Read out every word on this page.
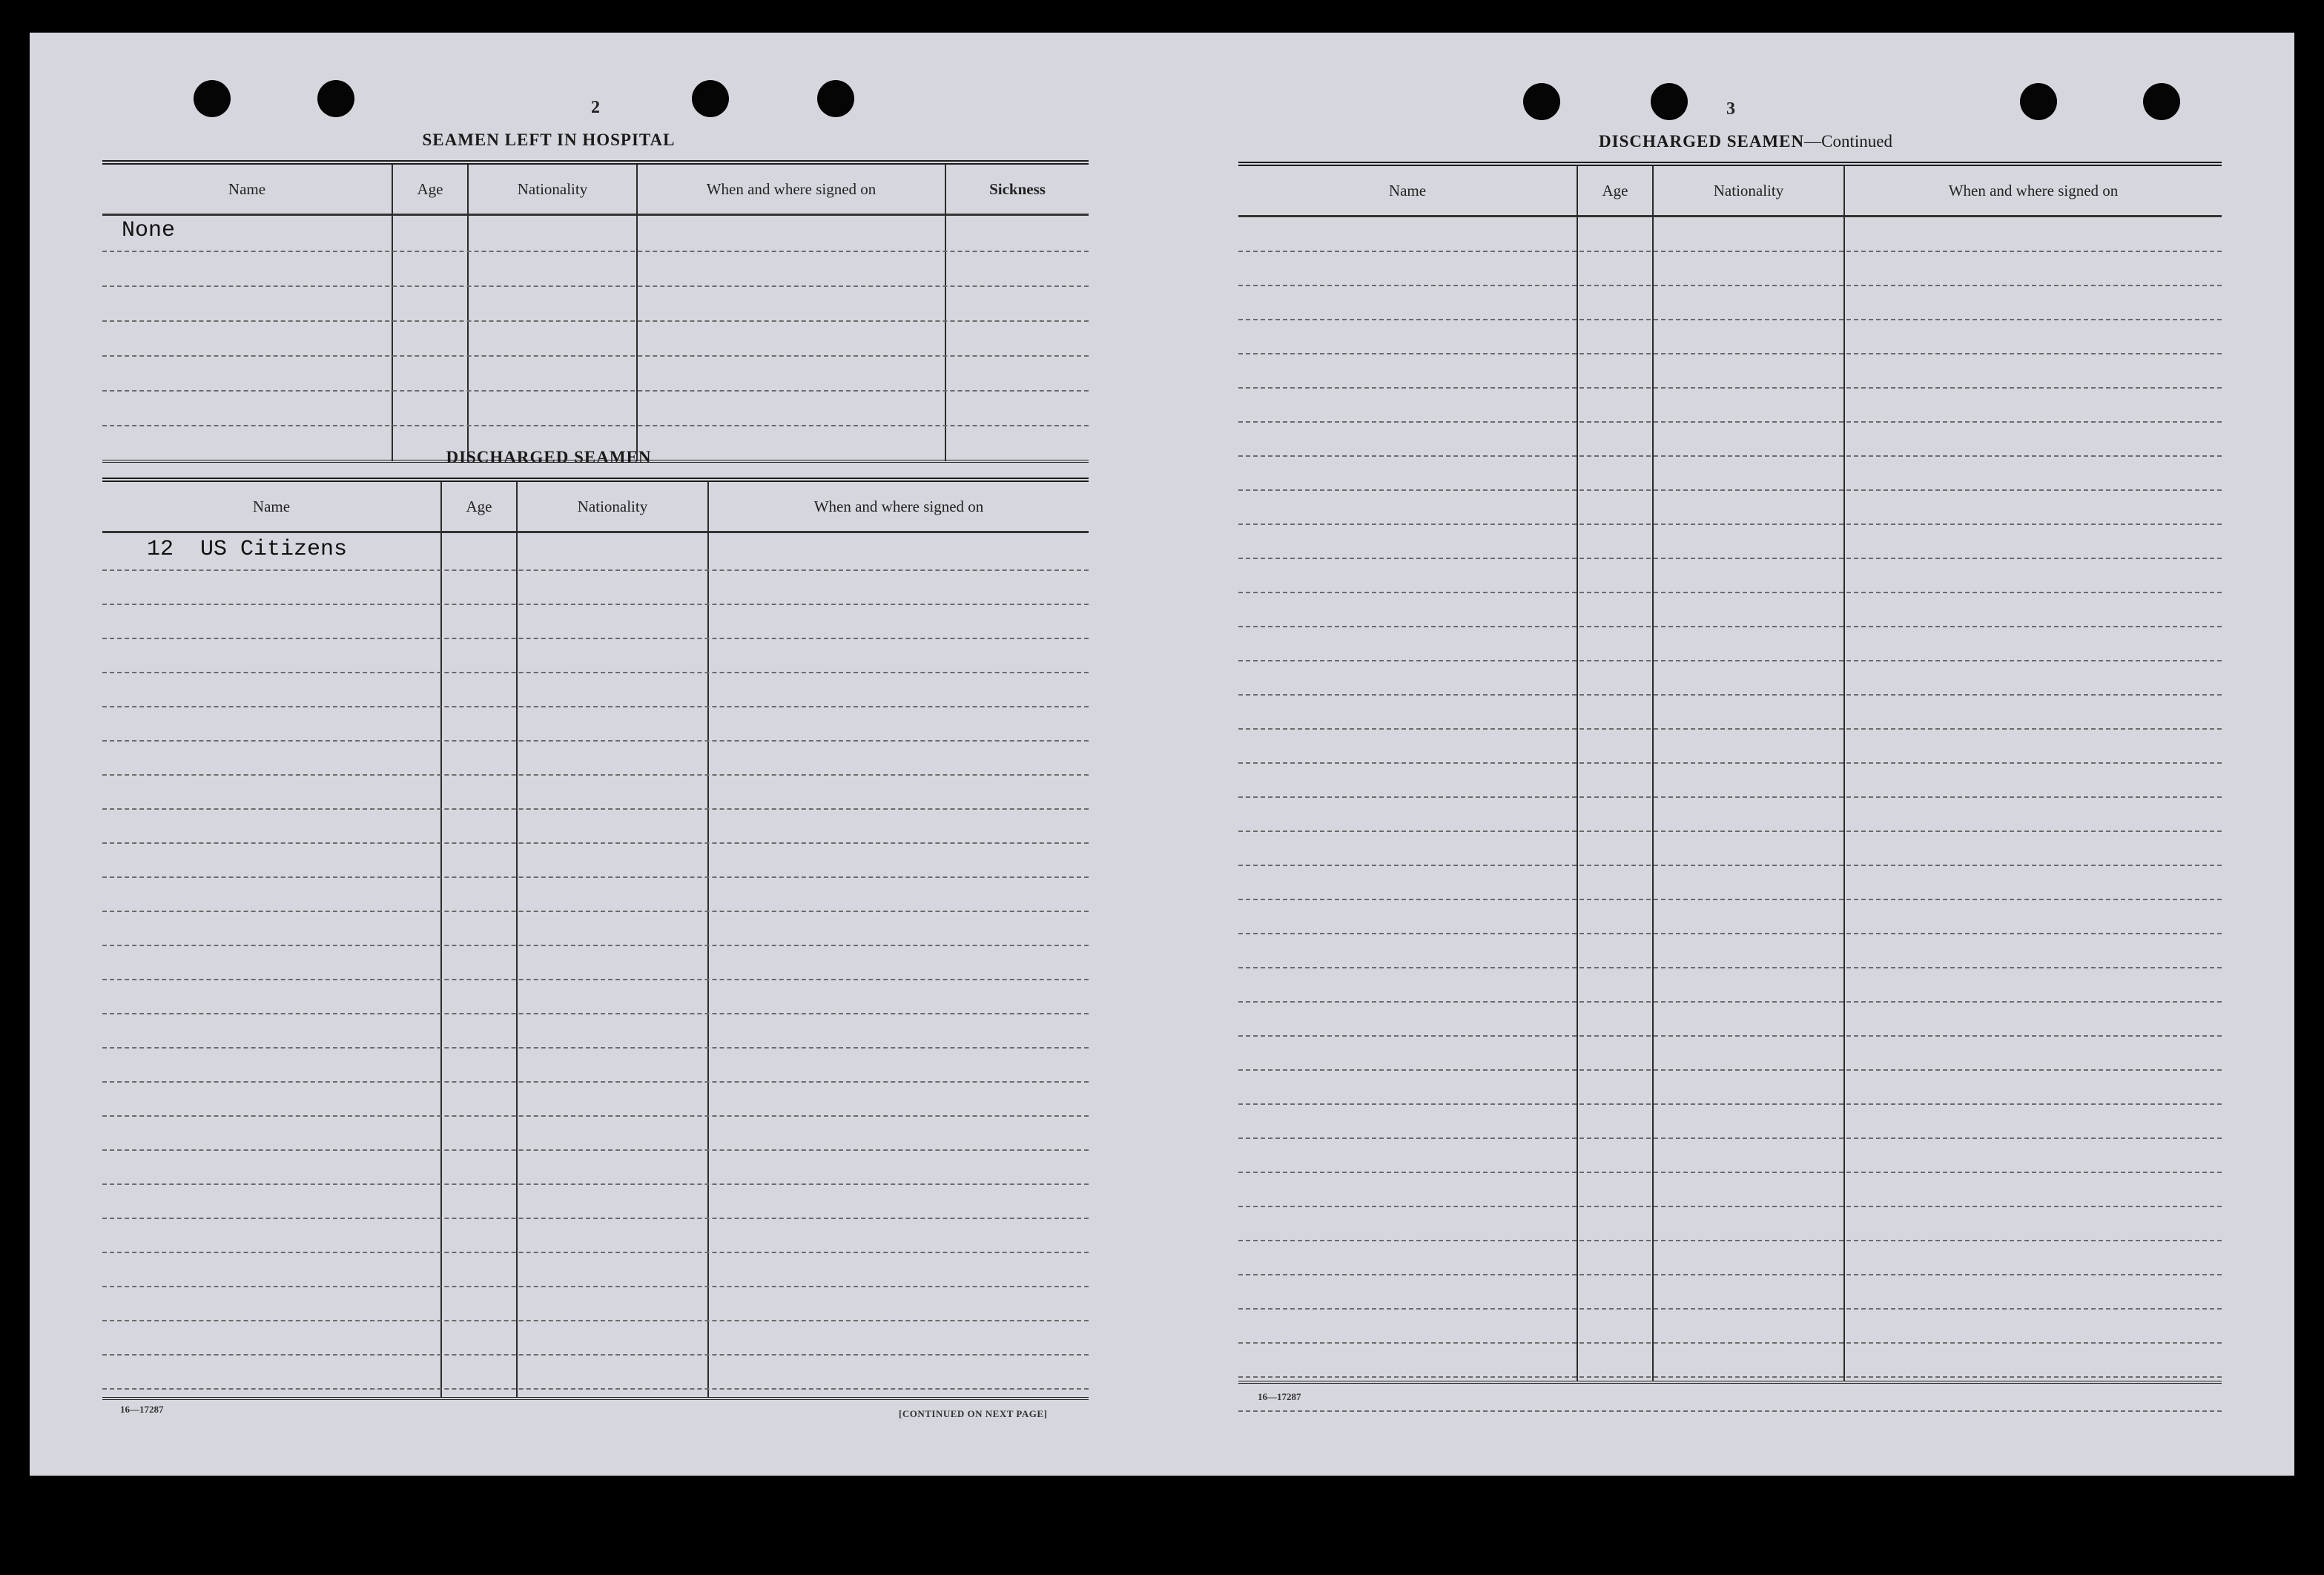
2
SEAMEN LEFT IN HOSPITAL
Name	Age	Nationality	When and where signed on	Sickness
None
DISCHARGED SEAMEN
Name	Age	Nationality	When and where signed on
12 US Citizens
16—17287	[CONTINUED ON NEXT PAGE]
3
DISCHARGED SEAMEN—Continued
Name	Age	Nationality	When and where signed on
16—17287
